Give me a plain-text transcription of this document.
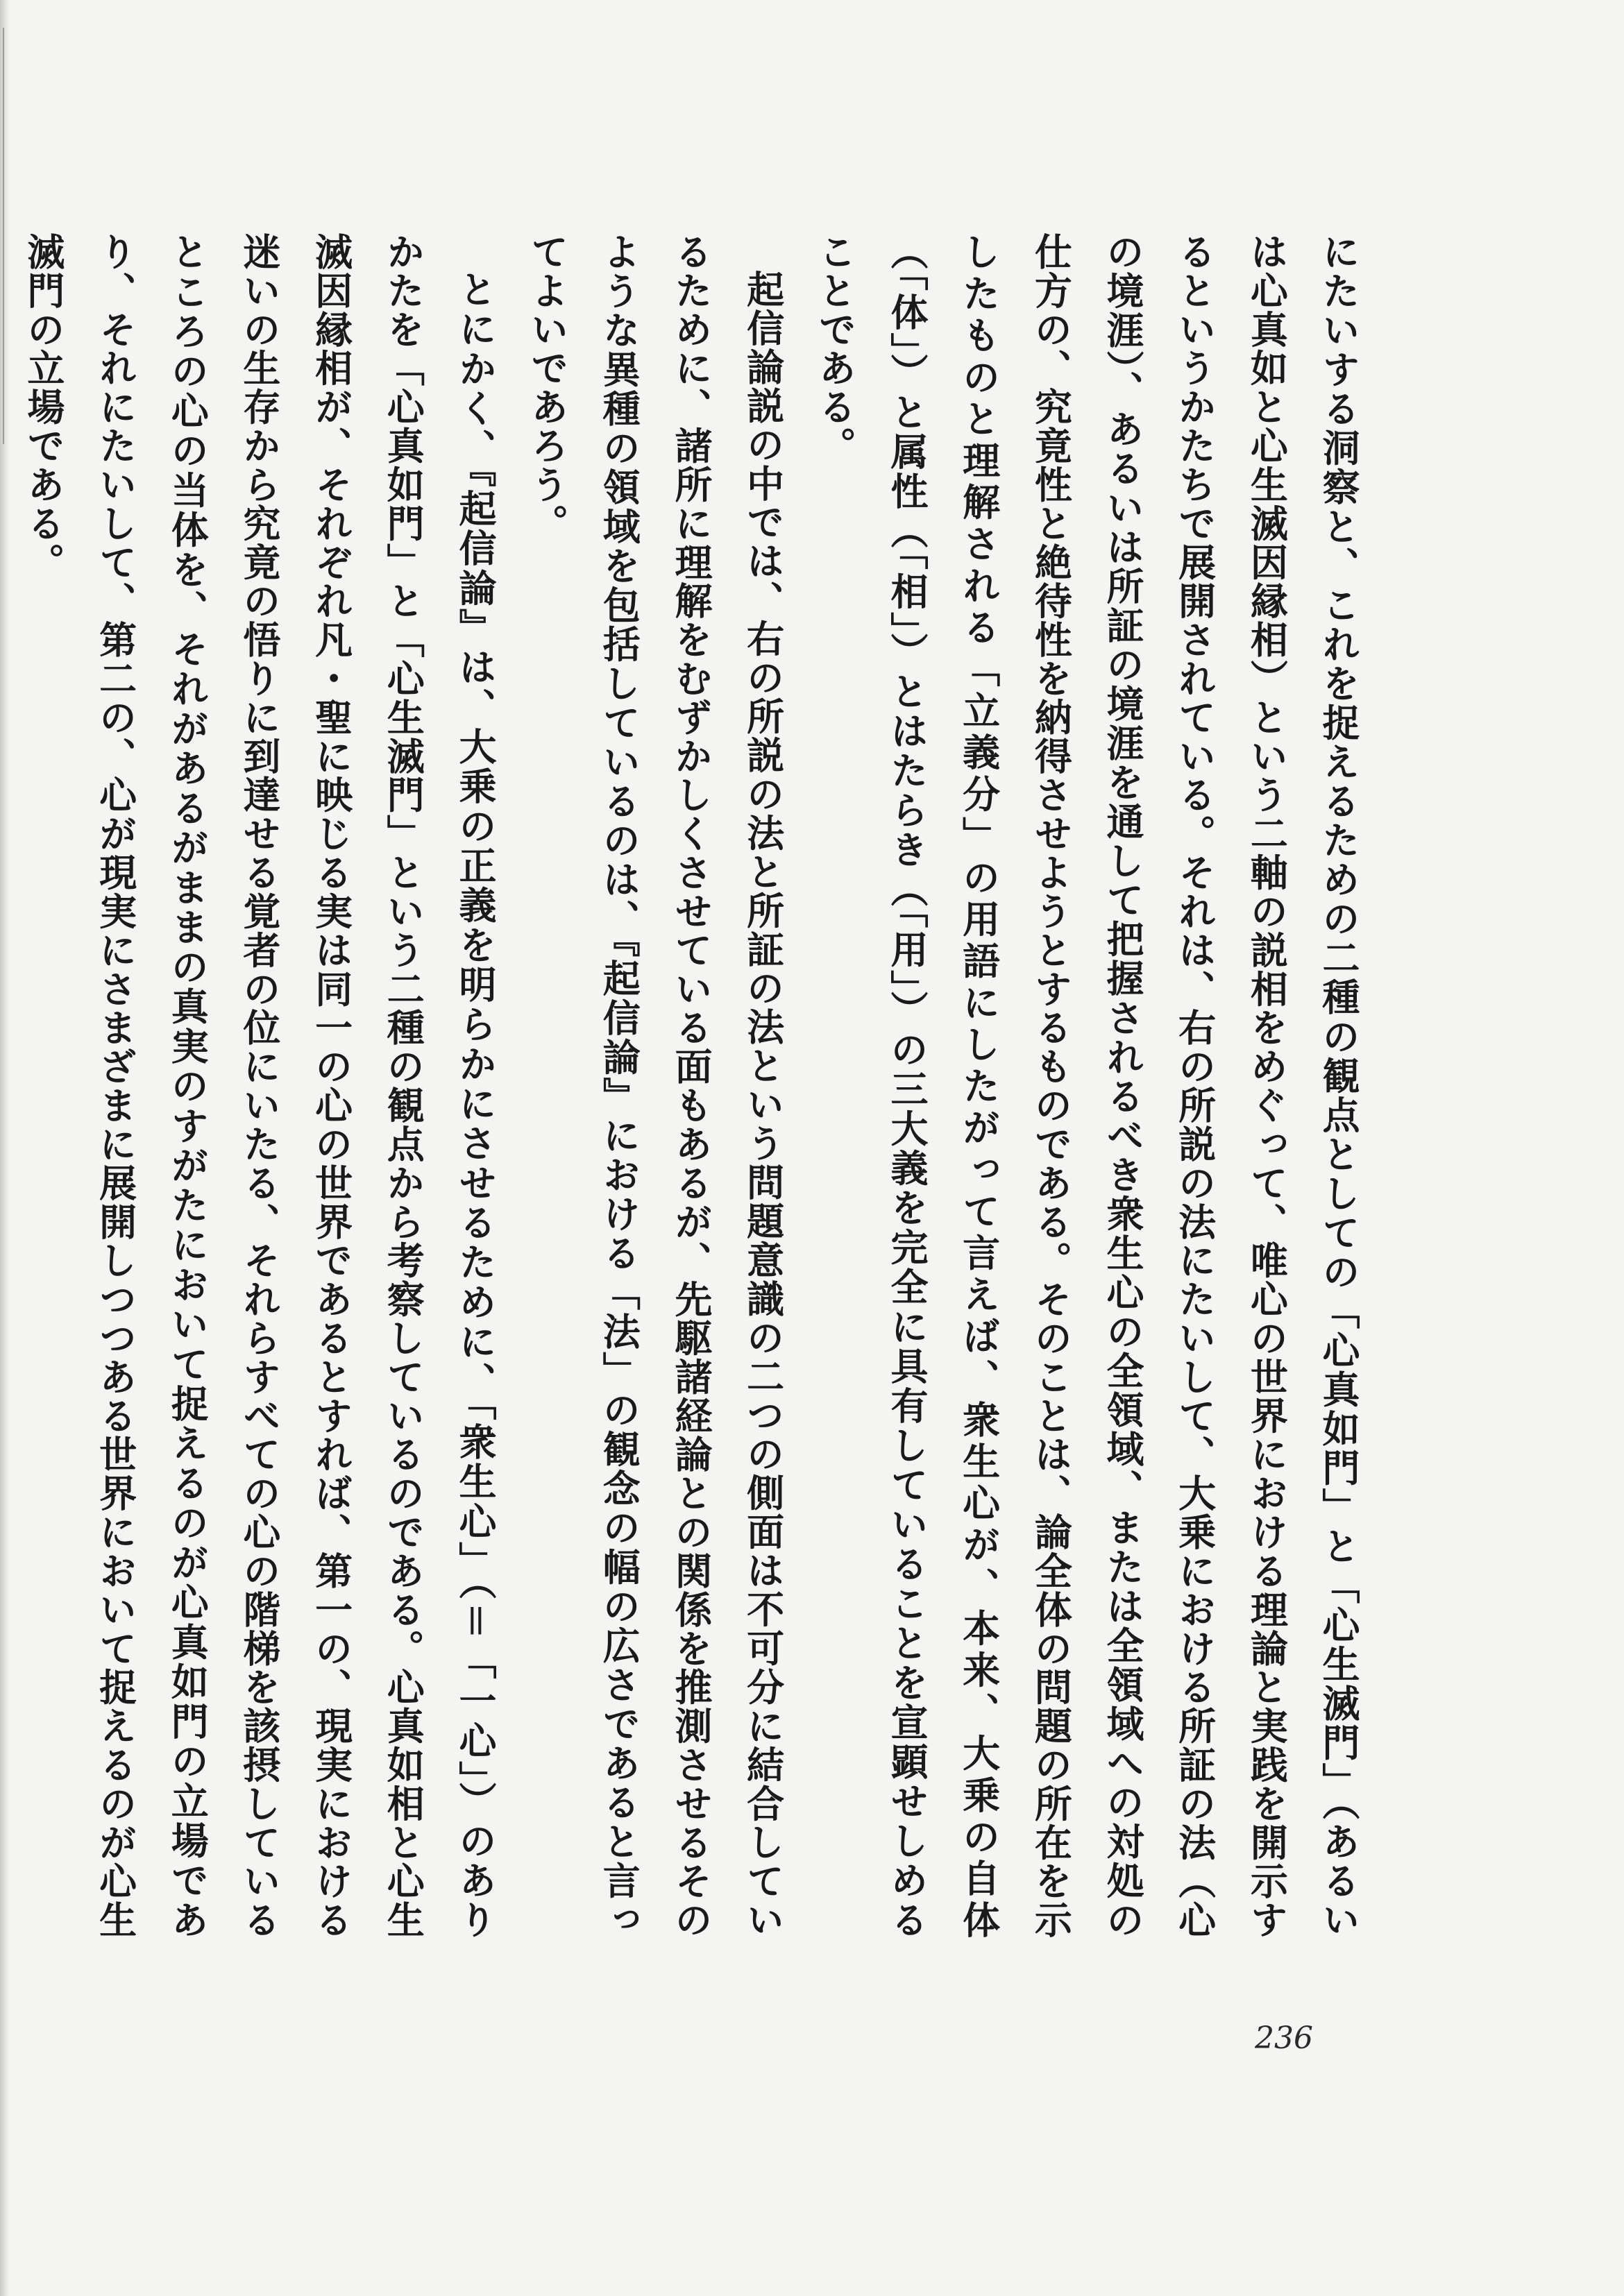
にたいする洞察と、これを捉えるための二種の観点としての「心真如門」と「心生滅門」（あるいは心真如と心生滅因縁相）という二軸の説相をめぐって、唯心の世界における理論と実践を開示するというかたちで展開されている。それは、右の所説の法にたいして、大乗における所証の法（心の境涯）、あるいは所証の境涯を通して把握されるべき衆生心の全領域、または全領域への対処の仕方の、究竟性と絶待性を納得させようとするものである。そのことは、論全体の問題の所在を示したものと理解される「立義分」の用語にしたがって言えば、衆生心が、本来、大乗の自体（「体」）と属性（「相」）とはたらき（「用」）の三大義を完全に具有していることを宣顕せしめることである。

起信論説の中では、右の所説の法と所証の法という問題意識の二つの側面は不可分に結合しているために、諸所に理解をむずかしくさせている面もあるが、先駆諸経論との関係を推測させるそのような異種の領域を包括しているのは、『起信論』における「法」の観念の幅の広さであると言ってよいであろう。

とにかく、『起信論』は、大乗の正義を明らかにさせるために、「衆生心」（＝「一心」）のありかたを「心真如門」と「心生滅門」という二種の観点から考察しているのである。心真如相と心生滅因縁相が、それぞれ凡・聖に映じる実は同一の心の世界であるとすれば、第一の、現実における迷いの生存から究竟の悟りに到達せる覚者の位にいたる、それらすべての心の階梯を該摂しているところの心の当体を、それがあるがままの真実のすがたにおいて捉えるのが心真如門の立場であり、それにたいして、第二の、心が現実にさまざまに展開しつつある世界において捉えるのが心生滅門の立場である。

236
